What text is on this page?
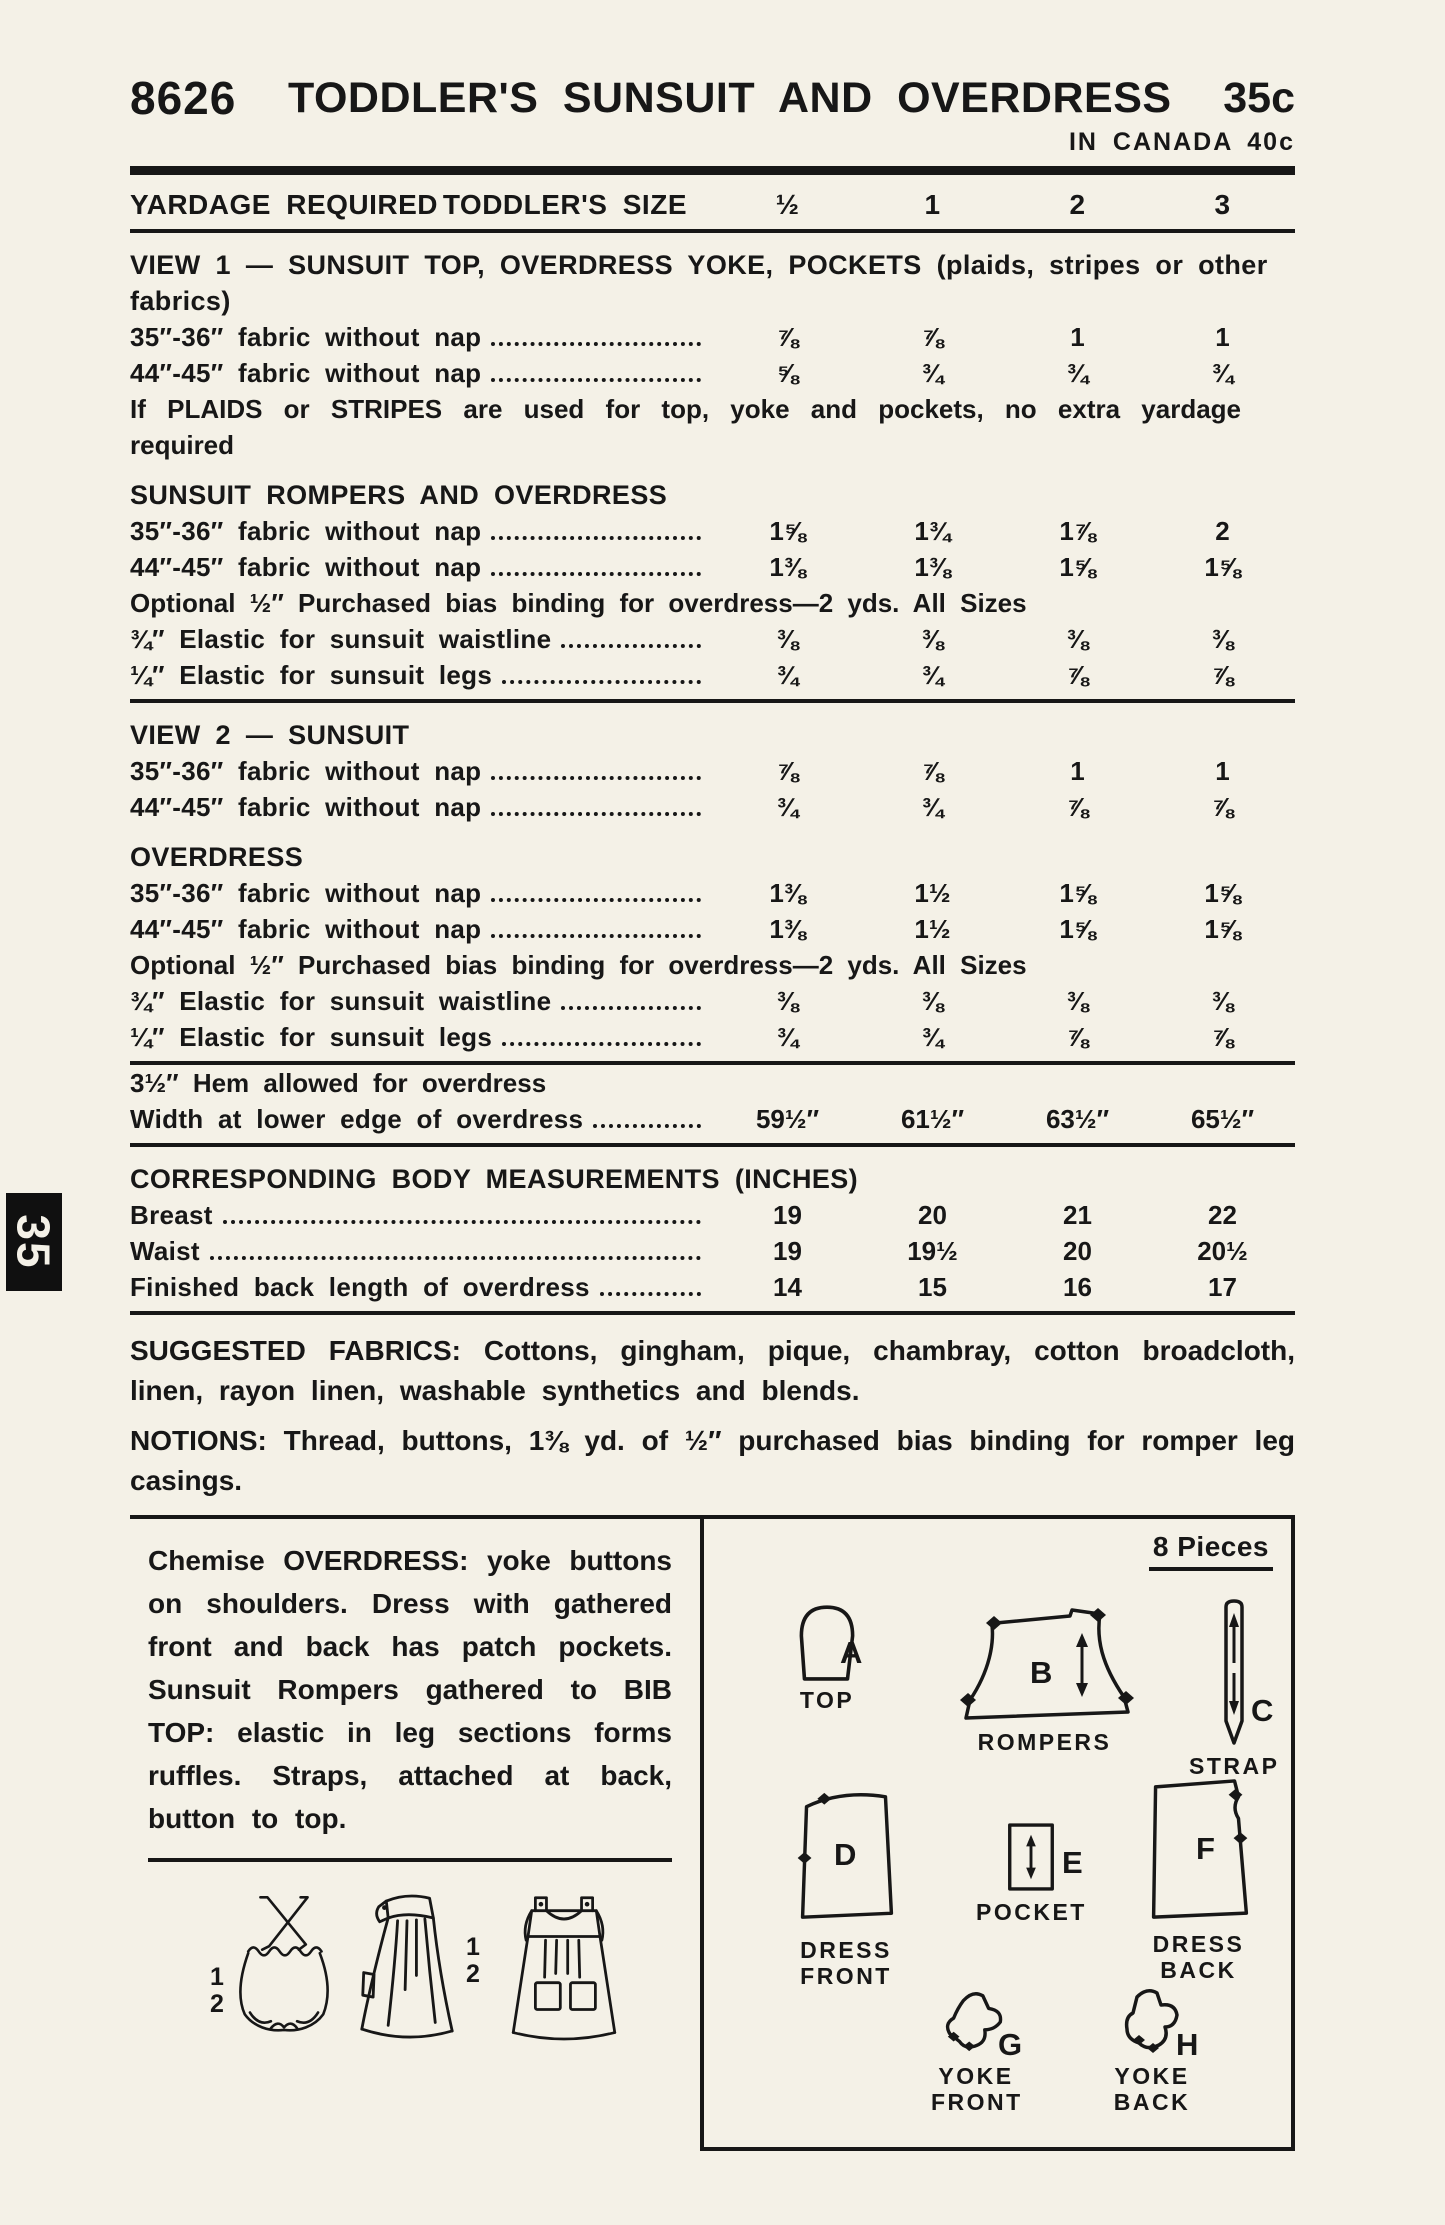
35
8626	TODDLER'S SUNSUIT AND OVERDRESS	35c
IN CANADA 40c
YARDAGE REQUIRED TODDLER'S SIZE	½	1	2	3
VIEW 1 — SUNSUIT TOP, OVERDRESS YOKE, POCKETS (plaids, stripes or other fabrics)
35″-36″ fabric without nap	⅞	⅞	1	1
44″-45″ fabric without nap	⅝	¾	¾	¾
If PLAIDS or STRIPES are used for top, yoke and pockets, no extra yardage required
SUNSUIT ROMPERS AND OVERDRESS
35″-36″ fabric without nap	1⅝	1¾	1⅞	2
44″-45″ fabric without nap	1⅜	1⅜	1⅝	1⅝
Optional ½″ Purchased bias binding for overdress—2 yds. All Sizes
¾″ Elastic for sunsuit waistline	⅜	⅜	⅜	⅜
¼″ Elastic for sunsuit legs	¾	¾	⅞	⅞
VIEW 2 — SUNSUIT
35″-36″ fabric without nap	⅞	⅞	1	1
44″-45″ fabric without nap	¾	¾	⅞	⅞
OVERDRESS
35″-36″ fabric without nap	1⅜	1½	1⅝	1⅝
44″-45″ fabric without nap	1⅜	1½	1⅝	1⅝
Optional ½″ Purchased bias binding for overdress—2 yds. All Sizes
¾″ Elastic for sunsuit waistline	⅜	⅜	⅜	⅜
¼″ Elastic for sunsuit legs	¾	¾	⅞	⅞
3½″ Hem allowed for overdress
Width at lower edge of overdress	59½″	61½″	63½″	65½″
CORRESPONDING BODY MEASUREMENTS (INCHES)
Breast	19	20	21	22
Waist	19	19½	20	20½
Finished back length of overdress	14	15	16	17

SUGGESTED FABRICS: Cottons, gingham, pique, chambray, cotton broadcloth, linen, rayon linen, washable synthetics and blends.

NOTIONS: Thread, buttons, 1⅜ yd. of ½″ purchased bias binding for romper leg casings.

Chemise OVERDRESS: yoke buttons on shoulders. Dress with gathered front and back has patch pockets. Sunsuit Rompers gathered to BIB TOP: elastic in leg sections forms ruffles. Straps, attached at back, button to top.

1
2
1
2
8 Pieces
A
TOP
B
ROMPERS
C
STRAP
D
DRESS FRONT
E
POCKET
F
DRESS BACK
G
YOKE FRONT
H
YOKE BACK
